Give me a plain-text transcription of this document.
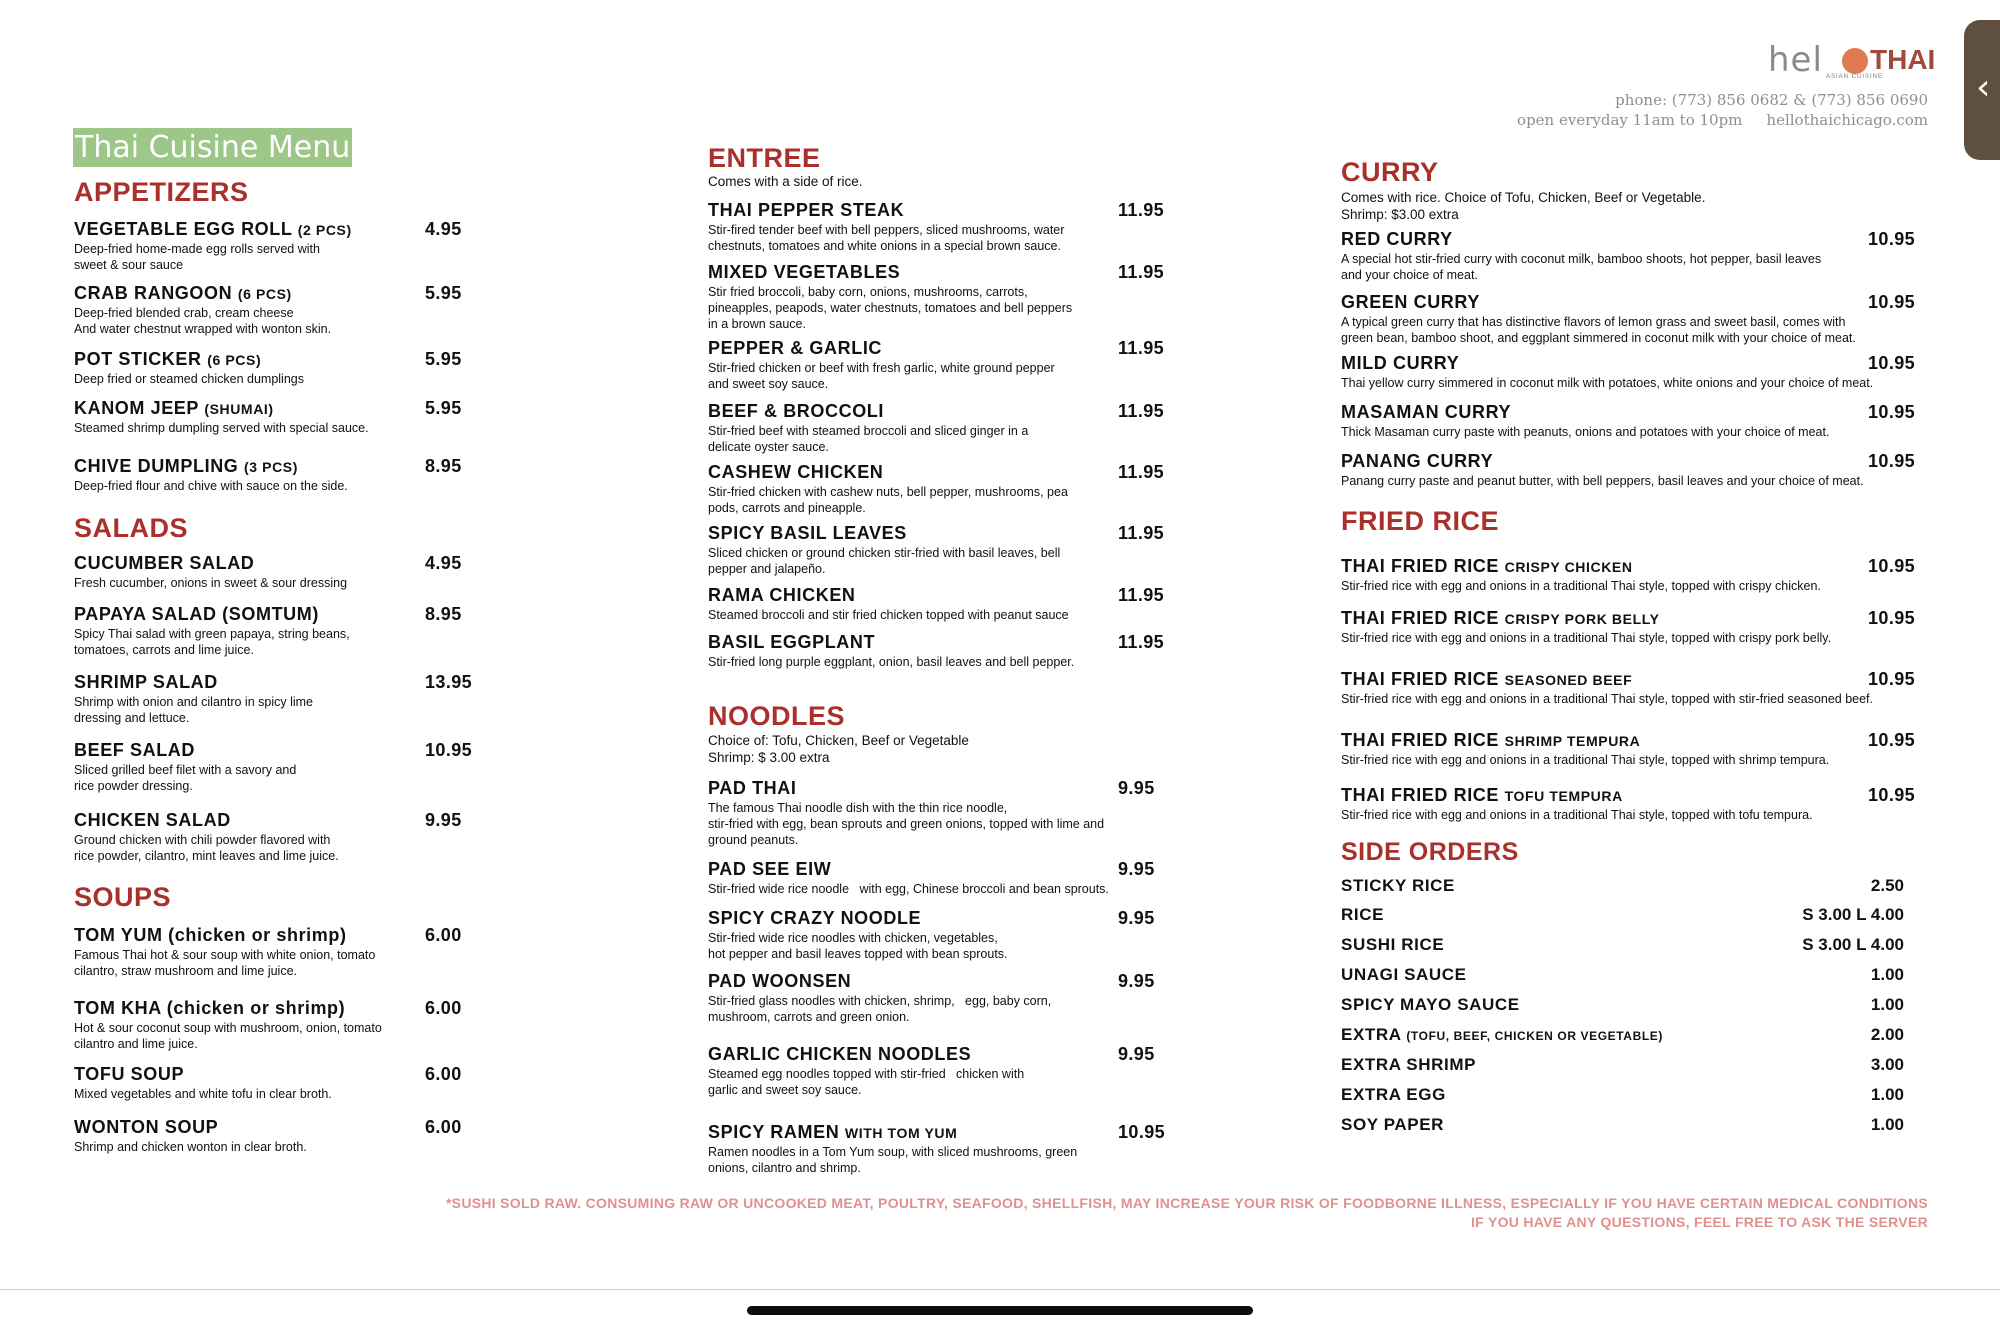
hel THAI
ASIAN CUISINE
phone: (773) 856 0682 & (773) 856 0690
open everyday 11am to 10pm hellothaichicago.com
Thai Cuisine Menu
APPETIZERS
VEGETABLE EGG ROLL (2 PCS)
Deep-fried home-made egg rolls served with
sweet & sour sauce
4.95
CRAB RANGOON (6 PCS)
Deep-fried blended crab, cream cheese
And water chestnut wrapped with wonton skin.
5.95
POT STICKER (6 PCS)
Deep fried or steamed chicken dumplings
5.95
KANOM JEEP (SHUMAI)
Steamed shrimp dumpling served with special sauce.
5.95
CHIVE DUMPLING (3 PCS)
Deep-fried flour and chive with sauce on the side.
8.95
SALADS
CUCUMBER SALAD
Fresh cucumber, onions in sweet & sour dressing
4.95
PAPAYA SALAD (SOMTUM)
Spicy Thai salad with green papaya, string beans,
tomatoes, carrots and lime juice.
8.95
SHRIMP SALAD
Shrimp with onion and cilantro in spicy lime
dressing and lettuce.
13.95
BEEF SALAD
Sliced grilled beef filet with a savory and
rice powder dressing.
10.95
CHICKEN SALAD
Ground chicken with chili powder flavored with
rice powder, cilantro, mint leaves and lime juice.
9.95
SOUPS
TOM YUM (chicken or shrimp)
Famous Thai hot & sour soup with white onion, tomato
cilantro, straw mushroom and lime juice.
6.00
TOM KHA (chicken or shrimp)
Hot & sour coconut soup with mushroom, onion, tomato
cilantro and lime juice.
6.00
TOFU SOUP
Mixed vegetables and white tofu in clear broth.
6.00
WONTON SOUP
Shrimp and chicken wonton in clear broth.
6.00
ENTREE
Comes with a side of rice.
THAI PEPPER STEAK
Stir-fired tender beef with bell peppers, sliced mushrooms, water
chestnuts, tomatoes and white onions in a special brown sauce.
11.95
MIXED VEGETABLES
Stir fried broccoli, baby corn, onions, mushrooms, carrots,
pineapples, peapods, water chestnuts, tomatoes and bell peppers
in a brown sauce.
11.95
PEPPER & GARLIC
Stir-fried chicken or beef with fresh garlic, white ground pepper
and sweet soy sauce.
11.95
BEEF & BROCCOLI
Stir-fried beef with steamed broccoli and sliced ginger in a
delicate oyster sauce.
11.95
CASHEW CHICKEN
Stir-fried chicken with cashew nuts, bell pepper, mushrooms, pea
pods, carrots and pineapple.
11.95
SPICY BASIL LEAVES
Sliced chicken or ground chicken stir-fried with basil leaves, bell
pepper and jalapeño.
11.95
RAMA CHICKEN
Steamed broccoli and stir fried chicken topped with peanut sauce
11.95
BASIL EGGPLANT
Stir-fried long purple eggplant, onion, basil leaves and bell pepper.
11.95
NOODLES
Choice of: Tofu, Chicken, Beef or Vegetable
Shrimp: $ 3.00 extra
PAD THAI
The famous Thai noodle dish with the thin rice noodle,
stir-fried with egg, bean sprouts and green onions, topped with lime and
ground peanuts.
9.95
PAD SEE EIW
Stir-fried wide rice noodle   with egg, Chinese broccoli and bean sprouts.
9.95
SPICY CRAZY NOODLE
Stir-fried wide rice noodles with chicken, vegetables,
hot pepper and basil leaves topped with bean sprouts.
9.95
PAD WOONSEN
Stir-fried glass noodles with chicken, shrimp,   egg, baby corn,
mushroom, carrots and green onion.
9.95
GARLIC CHICKEN NOODLES
Steamed egg noodles topped with stir-fried   chicken with
garlic and sweet soy sauce.
9.95
SPICY RAMEN WITH TOM YUM
Ramen noodles in a Tom Yum soup, with sliced mushrooms, green
onions, cilantro and shrimp.
10.95
CURRY
Comes with rice. Choice of Tofu, Chicken, Beef or Vegetable.
Shrimp: $3.00 extra
RED CURRY
A special hot stir-fried curry with coconut milk, bamboo shoots, hot pepper, basil leaves
and your choice of meat.
10.95
GREEN CURRY
A typical green curry that has distinctive flavors of lemon grass and sweet basil, comes with
green bean, bamboo shoot, and eggplant simmered in coconut milk with your choice of meat.
10.95
MILD CURRY
Thai yellow curry simmered in coconut milk with potatoes, white onions and your choice of meat.
10.95
MASAMAN CURRY
Thick Masaman curry paste with peanuts, onions and potatoes with your choice of meat.
10.95
PANANG CURRY
Panang curry paste and peanut butter, with bell peppers, basil leaves and your choice of meat.
10.95
FRIED RICE
THAI FRIED RICE CRISPY CHICKEN
Stir-fried rice with egg and onions in a traditional Thai style, topped with crispy chicken.
10.95
THAI FRIED RICE CRISPY PORK BELLY
Stir-fried rice with egg and onions in a traditional Thai style, topped with crispy pork belly.
10.95
THAI FRIED RICE SEASONED BEEF
Stir-fried rice with egg and onions in a traditional Thai style, topped with stir-fried seasoned beef.
10.95
THAI FRIED RICE SHRIMP TEMPURA
Stir-fried rice with egg and onions in a traditional Thai style, topped with shrimp tempura.
10.95
THAI FRIED RICE TOFU TEMPURA
Stir-fried rice with egg and onions in a traditional Thai style, topped with tofu tempura.
10.95
SIDE ORDERS
STICKY RICE	2.50
RICE	S 3.00 L 4.00
SUSHI RICE	S 3.00 L 4.00
UNAGI SAUCE	1.00
SPICY MAYO SAUCE	1.00
EXTRA (TOFU, BEEF, CHICKEN OR VEGETABLE)	2.00
EXTRA SHRIMP	3.00
EXTRA EGG	1.00
SOY PAPER	1.00
*SUSHI SOLD RAW. CONSUMING RAW OR UNCOOKED MEAT, POULTRY, SEAFOOD, SHELLFISH, MAY INCREASE YOUR RISK OF FOODBORNE ILLNESS, ESPECIALLY IF YOU HAVE CERTAIN MEDICAL CONDITIONS
IF YOU HAVE ANY QUESTIONS, FEEL FREE TO ASK THE SERVER
‹
